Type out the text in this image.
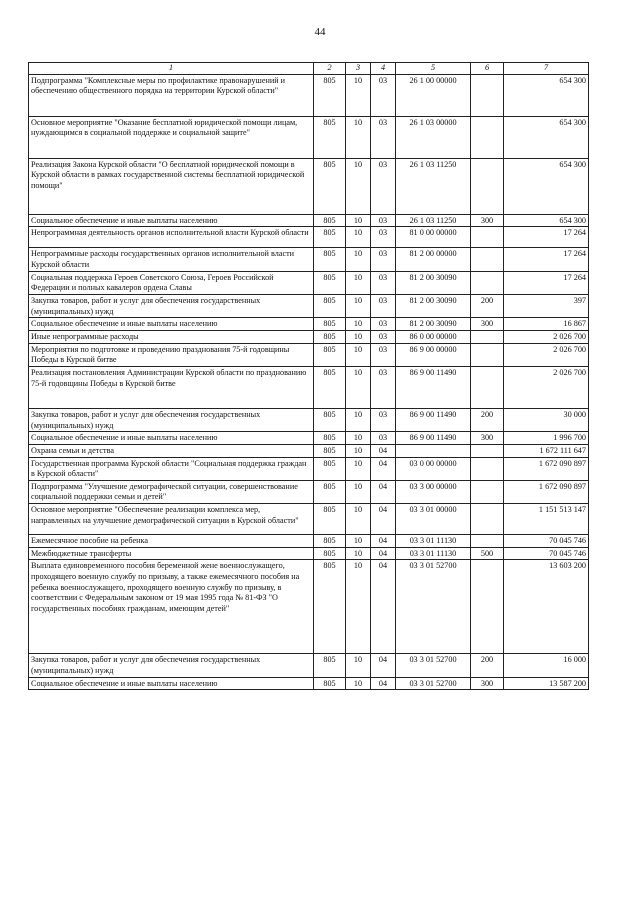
44
1	2	3	4	5	6	7
Подпрограмма "Комплексные меры по профилактике правонарушений и обеспечению общественного порядка на территории Курской области"	805	10	03	26 1 00 00000		654 300
Основное мероприятие "Оказание бесплатной юридической помощи лицам, нуждающимся в социальной поддержке и социальной защите"	805	10	03	26 1 03 00000		654 300
Реализация Закона Курской области "О бесплатной юридической помощи в Курской области в рамках государственной системы бесплатной юридической помощи"	805	10	03	26 1 03 11250		654 300
Социальное обеспечение и иные выплаты населению	805	10	03	26 1 03 11250	300	654 300
Непрограммная деятельность органов исполнительной власти Курской области	805	10	03	81 0 00 00000		17 264
Непрограммные расходы государственных органов исполнительной власти Курской области	805	10	03	81 2 00 00000		17 264
Социальная поддержка Героев Советского Союза, Героев Российской Федерации и полных кавалеров ордена Славы	805	10	03	81 2 00 30090		17 264
Закупка товаров, работ и услуг для обеспечения государственных (муниципальных) нужд	805	10	03	81 2 00 30090	200	397
Социальное обеспечение и иные выплаты населению	805	10	03	81 2 00 30090	300	16 867
Иные непрограммные расходы	805	10	03	86 0 00 00000		2 026 700
Мероприятия по подготовке и проведению празднования 75-й годовщины Победы в Курской битве	805	10	03	86 9 00 00000		2 026 700
Реализация постановления Администрации Курской области по празднованию 75-й годовщины Победы в Курской битве	805	10	03	86 9 00 11490		2 026 700
Закупка товаров, работ и услуг для обеспечения государственных (муниципальных) нужд	805	10	03	86 9 00 11490	200	30 000
Социальное обеспечение и иные выплаты населению	805	10	03	86 9 00 11490	300	1 996 700
Охрана семьи и детства	805	10	04			1 672 111 647
Государственная программа Курской области "Социальная поддержка граждан в Курской области"	805	10	04	03 0 00 00000		1 672 090 897
Подпрограмма "Улучшение демографической ситуации, совершенствование социальной поддержки семьи и детей"	805	10	04	03 3 00 00000		1 672 090 897
Основное мероприятие "Обеспечение реализации комплекса мер, направленных на улучшение демографической ситуации в Курской области"	805	10	04	03 3 01 00000		1 151 513 147
Ежемесячное пособие на ребенка	805	10	04	03 3 01 11130		70 045 746
Межбюджетные трансферты	805	10	04	03 3 01 11130	500	70 045 746
Выплата единовременного пособия беременной жене военнослужащего, проходящего военную службу по призыву, а также ежемесячного пособия на ребенка военнослужащего, проходящего военную службу по призыву, в соответствии с Федеральным законом от 19 мая 1995 года № 81-ФЗ "О государственных пособиях гражданам, имеющим детей"	805	10	04	03 3 01 52700		13 603 200
Закупка товаров, работ и услуг для обеспечения государственных (муниципальных) нужд	805	10	04	03 3 01 52700	200	16 000
Социальное обеспечение и иные выплаты населению	805	10	04	03 3 01 52700	300	13 587 200
